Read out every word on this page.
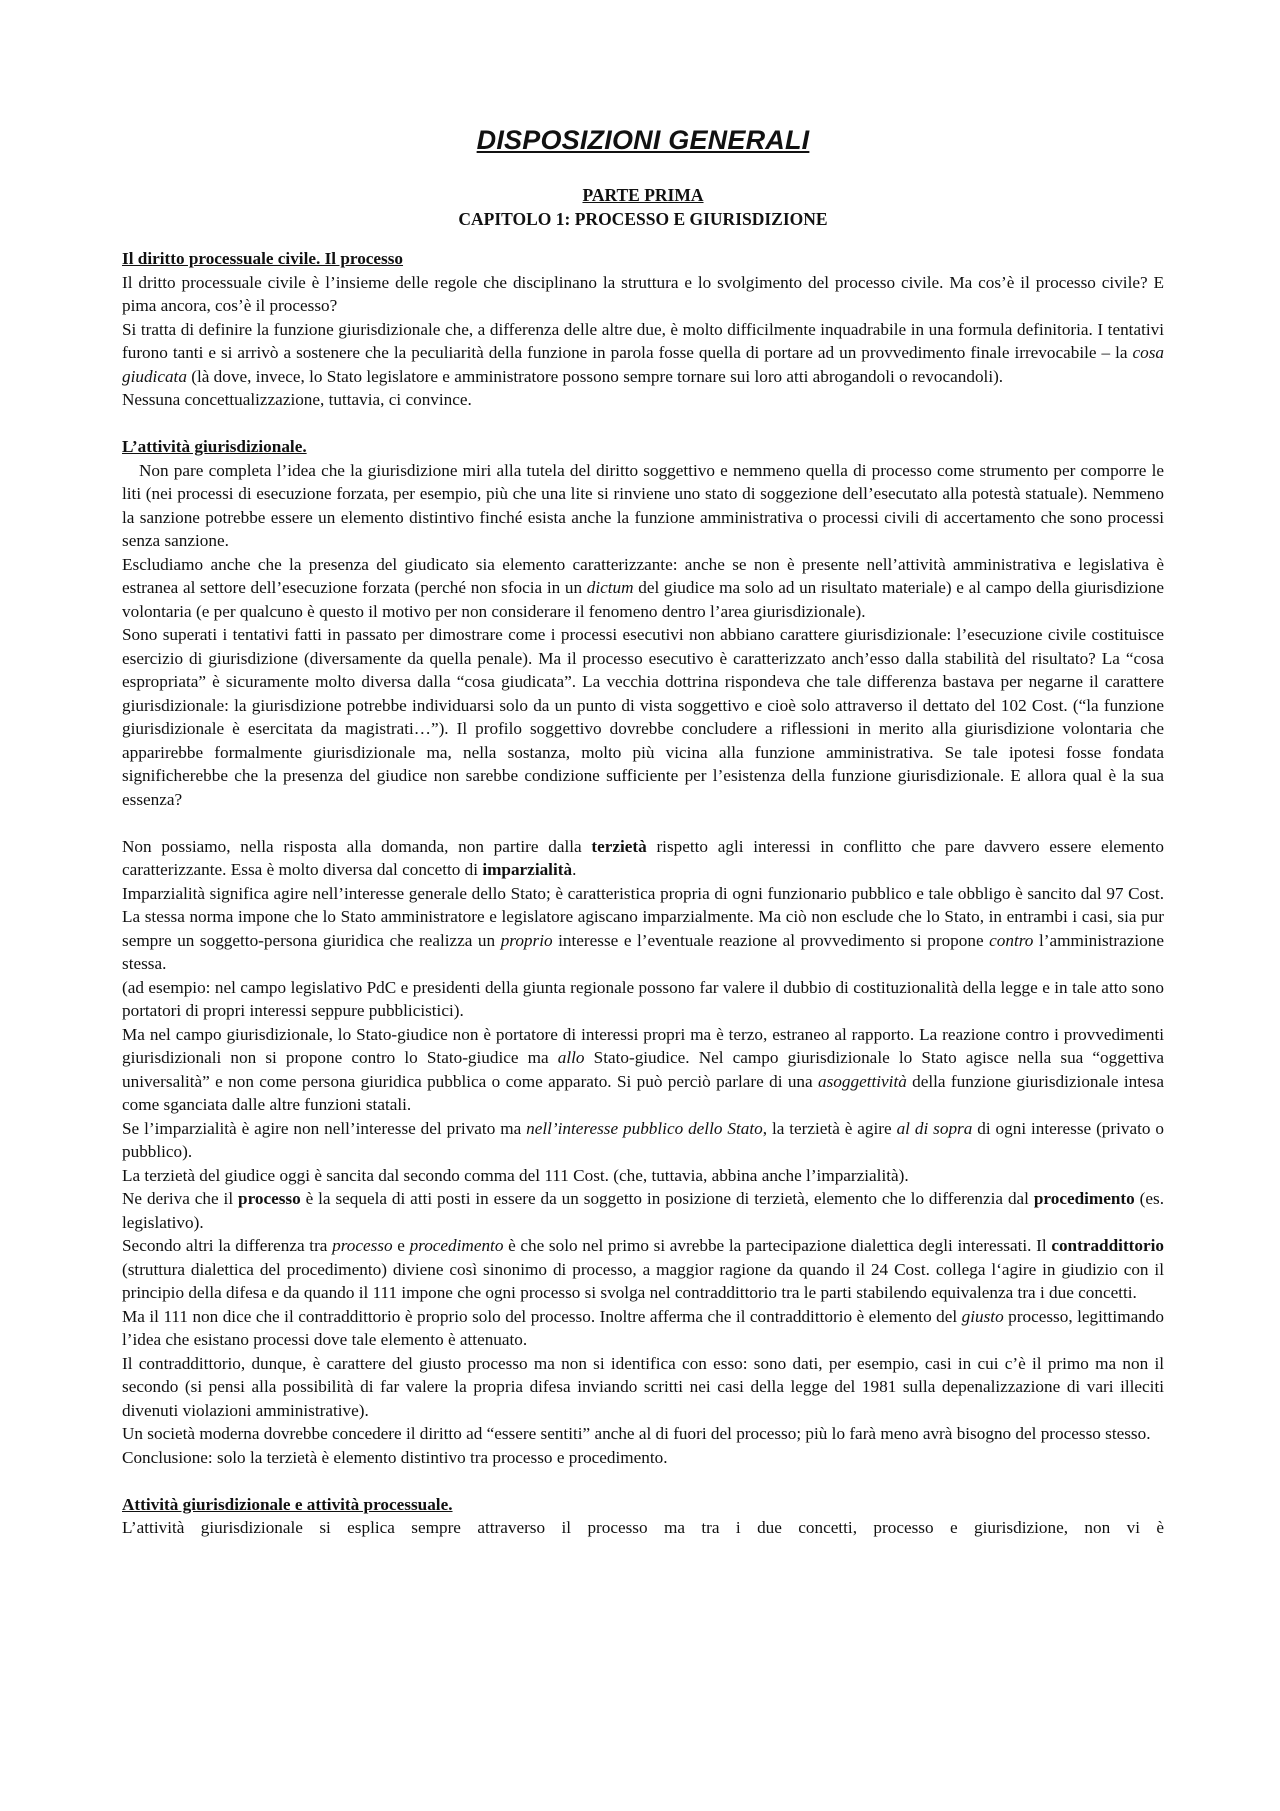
DISPOSIZIONI GENERALI
PARTE PRIMA
CAPITOLO 1: PROCESSO E GIURISDIZIONE
Il diritto processuale civile. Il processo

Il dritto processuale civile è l’insieme delle regole che disciplinano la struttura e lo svolgimento del processo civile. Ma cos’è il processo civile? E pima ancora, cos’è il processo?

Si tratta di definire la funzione giurisdizionale che, a differenza delle altre due, è molto difficilmente inquadrabile in una formula definitoria. I tentativi furono tanti e si arrivò a sostenere che la peculiarità della funzione in parola fosse quella di portare ad un provvedimento finale irrevocabile – la cosa giudicata (là dove, invece, lo Stato legislatore e amministratore possono sempre tornare sui loro atti abrogandoli o revocandoli).

Nessuna concettualizzazione, tuttavia, ci convince.

L’attività giurisdizionale.

Non pare completa l’idea che la giurisdizione miri alla tutela del diritto soggettivo e nemmeno quella di processo come strumento per comporre le liti (nei processi di esecuzione forzata, per esempio, più che una lite si rinviene uno stato di soggezione dell’esecutato alla potestà statuale). Nemmeno la sanzione potrebbe essere un elemento distintivo finché esista anche la funzione amministrativa o processi civili di accertamento che sono processi senza sanzione.

Escludiamo anche che la presenza del giudicato sia elemento caratterizzante: anche se non è presente nell’attività amministrativa e legislativa è estranea al settore dell’esecuzione forzata (perché non sfocia in un dictum del giudice ma solo ad un risultato materiale) e al campo della giurisdizione volontaria (e per qualcuno è questo il motivo per non considerare il fenomeno dentro l’area giurisdizionale).

Sono superati i tentativi fatti in passato per dimostrare come i processi esecutivi non abbiano carattere giurisdizionale: l’esecuzione civile costituisce esercizio di giurisdizione (diversamente da quella penale). Ma il processo esecutivo è caratterizzato anch’esso dalla stabilità del risultato? La “cosa espropriata” è sicuramente molto diversa dalla “cosa giudicata”. La vecchia dottrina rispondeva che tale differenza bastava per negarne il carattere giurisdizionale: la giurisdizione potrebbe individuarsi solo da un punto di vista soggettivo e cioè solo attraverso il dettato del 102 Cost. (“la funzione giurisdizionale è esercitata da magistrati…”). Il profilo soggettivo dovrebbe concludere a riflessioni in merito alla giurisdizione volontaria che apparirebbe formalmente giurisdizionale ma, nella sostanza, molto più vicina alla funzione amministrativa. Se tale ipotesi fosse fondata significherebbe che la presenza del giudice non sarebbe condizione sufficiente per l’esistenza della funzione giurisdizionale. E allora qual è la sua essenza?

Non possiamo, nella risposta alla domanda, non partire dalla terzietà rispetto agli interessi in conflitto che pare davvero essere elemento caratterizzante. Essa è molto diversa dal concetto di imparzialità.

Imparzialità significa agire nell’interesse generale dello Stato; è caratteristica propria di ogni funzionario pubblico e tale obbligo è sancito dal 97 Cost. La stessa norma impone che lo Stato amministratore e legislatore agiscano imparzialmente. Ma ciò non esclude che lo Stato, in entrambi i casi, sia pur sempre un soggetto-persona giuridica che realizza un proprio interesse e l’eventuale reazione al provvedimento si propone contro l’amministrazione stessa.

(ad esempio: nel campo legislativo PdC e presidenti della giunta regionale possono far valere il dubbio di costituzionalità della legge e in tale atto sono portatori di propri interessi seppure pubblicistici).

Ma nel campo giurisdizionale, lo Stato-giudice non è portatore di interessi propri ma è terzo, estraneo al rapporto. La reazione contro i provvedimenti giurisdizionali non si propone contro lo Stato-giudice ma allo Stato-giudice. Nel campo giurisdizionale lo Stato agisce nella sua “oggettiva universalità” e non come persona giuridica pubblica o come apparato. Si può perciò parlare di una asoggettività della funzione giurisdizionale intesa come sganciata dalle altre funzioni statali.

Se l’imparzialità è agire non nell’interesse del privato ma nell’interesse pubblico dello Stato, la terzietà è agire al di sopra di ogni interesse (privato o pubblico).

La terzietà del giudice oggi è sancita dal secondo comma del 111 Cost. (che, tuttavia, abbina anche l’imparzialità).

Ne deriva che il processo è la sequela di atti posti in essere da un soggetto in posizione di terzietà, elemento che lo differenzia dal procedimento (es. legislativo).

Secondo altri la differenza tra processo e procedimento è che solo nel primo si avrebbe la partecipazione dialettica degli interessati. Il contraddittorio (struttura dialettica del procedimento) diviene così sinonimo di processo, a maggior ragione da quando il 24 Cost. collega l‘agire in giudizio con il principio della difesa e da quando il 111 impone che ogni processo si svolga nel contraddittorio tra le parti stabilendo equivalenza tra i due concetti.

Ma il 111 non dice che il contraddittorio è proprio solo del processo. Inoltre afferma che il contraddittorio è elemento del giusto processo, legittimando l’idea che esistano processi dove tale elemento è attenuato.

Il contraddittorio, dunque, è carattere del giusto processo ma non si identifica con esso: sono dati, per esempio, casi in cui c’è il primo ma non il secondo (si pensi alla possibilità di far valere la propria difesa inviando scritti nei casi della legge del 1981 sulla depenalizzazione di vari illeciti divenuti violazioni amministrative).

Un società moderna dovrebbe concedere il diritto ad “essere sentiti” anche al di fuori del processo; più lo farà meno avrà bisogno del processo stesso.

Conclusione: solo la terzietà è elemento distintivo tra processo e procedimento.

Attività giurisdizionale e attività processuale.

L’attività giurisdizionale si esplica sempre attraverso il processo ma tra i due concetti, processo e giurisdizione, non vi è
